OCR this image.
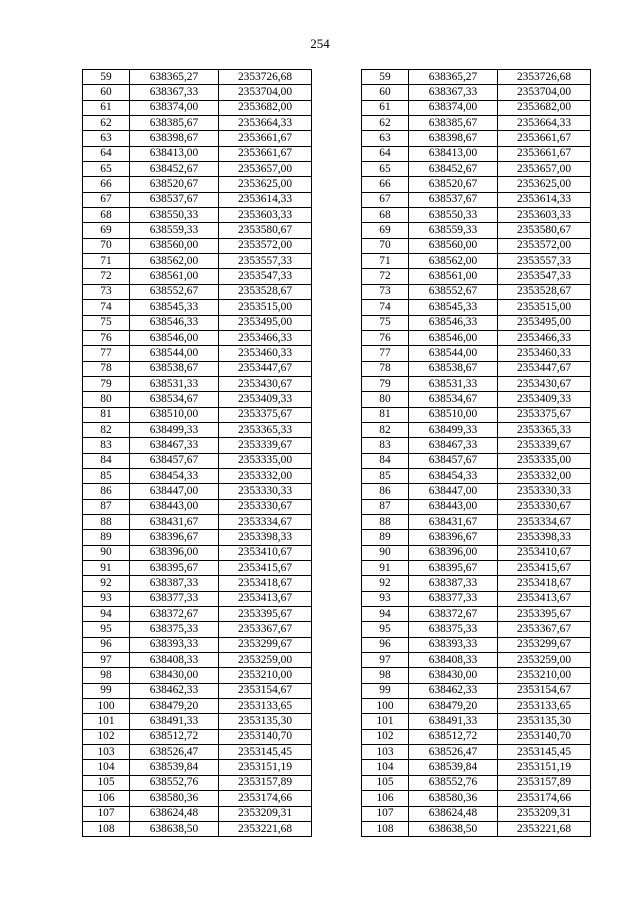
254
59	638365,27	2353726,68
60	638367,33	2353704,00
61	638374,00	2353682,00
62	638385,67	2353664,33
63	638398,67	2353661,67
64	638413,00	2353661,67
65	638452,67	2353657,00
66	638520,67	2353625,00
67	638537,67	2353614,33
68	638550,33	2353603,33
69	638559,33	2353580,67
70	638560,00	2353572,00
71	638562,00	2353557,33
72	638561,00	2353547,33
73	638552,67	2353528,67
74	638545,33	2353515,00
75	638546,33	2353495,00
76	638546,00	2353466,33
77	638544,00	2353460,33
78	638538,67	2353447,67
79	638531,33	2353430,67
80	638534,67	2353409,33
81	638510,00	2353375,67
82	638499,33	2353365,33
83	638467,33	2353339,67
84	638457,67	2353335,00
85	638454,33	2353332,00
86	638447,00	2353330,33
87	638443,00	2353330,67
88	638431,67	2353334,67
89	638396,67	2353398,33
90	638396,00	2353410,67
91	638395,67	2353415,67
92	638387,33	2353418,67
93	638377,33	2353413,67
94	638372,67	2353395,67
95	638375,33	2353367,67
96	638393,33	2353299,67
97	638408,33	2353259,00
98	638430,00	2353210,00
99	638462,33	2353154,67
100	638479,20	2353133,65
101	638491,33	2353135,30
102	638512,72	2353140,70
103	638526,47	2353145,45
104	638539,84	2353151,19
105	638552,76	2353157,89
106	638580,36	2353174,66
107	638624,48	2353209,31
108	638638,50	2353221,68
59	638365,27	2353726,68
60	638367,33	2353704,00
61	638374,00	2353682,00
62	638385,67	2353664,33
63	638398,67	2353661,67
64	638413,00	2353661,67
65	638452,67	2353657,00
66	638520,67	2353625,00
67	638537,67	2353614,33
68	638550,33	2353603,33
69	638559,33	2353580,67
70	638560,00	2353572,00
71	638562,00	2353557,33
72	638561,00	2353547,33
73	638552,67	2353528,67
74	638545,33	2353515,00
75	638546,33	2353495,00
76	638546,00	2353466,33
77	638544,00	2353460,33
78	638538,67	2353447,67
79	638531,33	2353430,67
80	638534,67	2353409,33
81	638510,00	2353375,67
82	638499,33	2353365,33
83	638467,33	2353339,67
84	638457,67	2353335,00
85	638454,33	2353332,00
86	638447,00	2353330,33
87	638443,00	2353330,67
88	638431,67	2353334,67
89	638396,67	2353398,33
90	638396,00	2353410,67
91	638395,67	2353415,67
92	638387,33	2353418,67
93	638377,33	2353413,67
94	638372,67	2353395,67
95	638375,33	2353367,67
96	638393,33	2353299,67
97	638408,33	2353259,00
98	638430,00	2353210,00
99	638462,33	2353154,67
100	638479,20	2353133,65
101	638491,33	2353135,30
102	638512,72	2353140,70
103	638526,47	2353145,45
104	638539,84	2353151,19
105	638552,76	2353157,89
106	638580,36	2353174,66
107	638624,48	2353209,31
108	638638,50	2353221,68
